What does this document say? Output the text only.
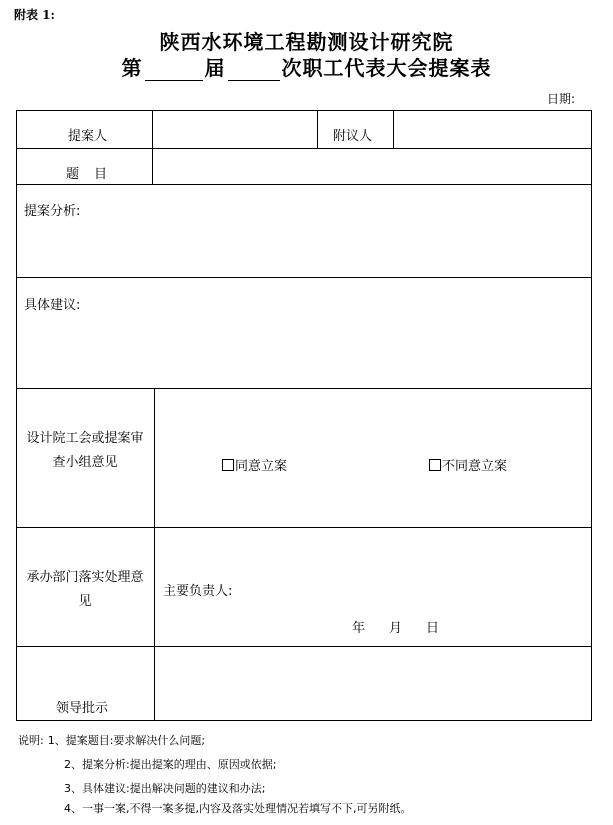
附表 1:
陕西水环境工程勘测设计研究院
第	届	次职工代表大会提案表
日期:
提案人	附议人
题　目
提案分析:
具体建议:
设计院工会或提案审查小组意见	同意立案	不同意立案
承办部门落实处理意见
主要负责人:
年 月 日
领导批示
说明: 1、提案题目:要求解决什么问题;
2、提案分析:提出提案的理由、原因或依据;
3、具体建议:提出解决问题的建议和办法;
4、一事一案,不得一案多提,内容及落实处理情况若填写不下,可另附纸。
